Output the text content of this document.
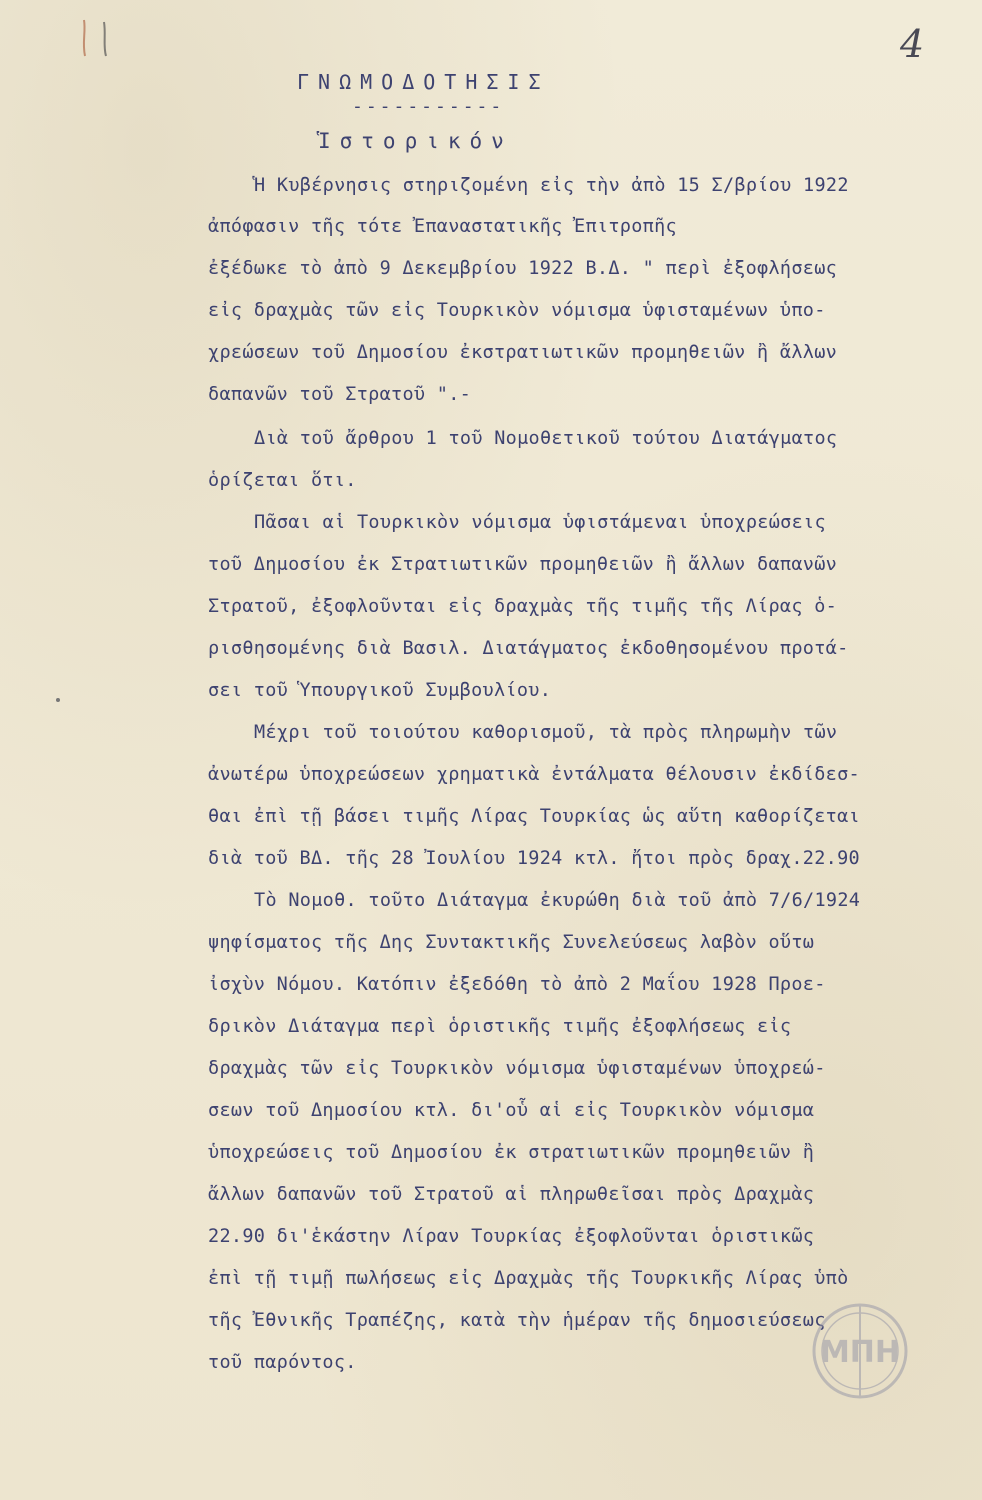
4
ΓΝΩΜΟΔΟΤΗΣΙΣ
-----------
Ἱστορικόν
Ἡ Κυβέρνησις στηριζομένη εἰς τὴν ἀπὸ 15 Σ/βρίου 1922
ἀπόφασιν τῆς τότε Ἐπαναστατικῆς Ἐπιτροπῆς
ἐξέδωκε τὸ ἀπὸ 9 Δεκεμβρίου 1922 Β.Δ. " περὶ ἐξοφλήσεως
εἰς δραχμὰς τῶν εἰς Τουρκικὸν νόμισμα ὑφισταμένων ὑπο-
χρεώσεων τοῦ Δημοσίου ἐκστρατιωτικῶν προμηθειῶν ἢ ἄλλων
δαπανῶν τοῦ Στρατοῦ ".-
Διὰ τοῦ ἄρθρου 1 τοῦ Νομοθετικοῦ τούτου Διατάγματος
ὁρίζεται ὅτι.
Πᾶσαι αἱ Τουρκικὸν νόμισμα ὑφιστάμεναι ὑποχρεώσεις
τοῦ Δημοσίου ἐκ Στρατιωτικῶν προμηθειῶν ἢ ἄλλων δαπανῶν
Στρατοῦ, ἐξοφλοῦνται εἰς δραχμὰς τῆς τιμῆς τῆς Λίρας ὁ-
ρισθησομένης διὰ Βασιλ. Διατάγματος ἐκδοθησομένου προτά-
σει τοῦ Ὑπουργικοῦ Συμβουλίου.
Μέχρι τοῦ τοιούτου καθορισμοῦ, τὰ πρὸς πληρωμὴν τῶν
ἀνωτέρω ὑποχρεώσεων χρηματικὰ ἐντάλματα θέλουσιν ἐκδίδεσ-
θαι ἐπὶ τῇ βάσει τιμῆς Λίρας Τουρκίας ὡς αὕτη καθορίζεται
διὰ τοῦ ΒΔ. τῆς 28 Ἰουλίου 1924 κτλ. ἤτοι πρὸς δραχ.22.90
Τὸ Νομοθ. τοῦτο Διάταγμα ἐκυρώθη διὰ τοῦ ἀπὸ 7/6/1924
ψηφίσματος τῆς Δης Συντακτικῆς Συνελεύσεως λαβὸν οὕτω
ἰσχὺν Νόμου. Κατόπιν ἐξεδόθη τὸ ἀπὸ 2 Μαΐου 1928 Προε-
δρικὸν Διάταγμα περὶ ὁριστικῆς τιμῆς ἐξοφλήσεως εἰς
δραχμὰς τῶν εἰς Τουρκικὸν νόμισμα ὑφισταμένων ὑποχρεώ-
σεων τοῦ Δημοσίου κτλ. δι'οὗ αἱ εἰς Τουρκικὸν νόμισμα
ὑποχρεώσεις τοῦ Δημοσίου ἐκ στρατιωτικῶν προμηθειῶν ἢ
ἄλλων δαπανῶν τοῦ Στρατοῦ αἱ πληρωθεῖσαι πρὸς Δραχμὰς
22.90 δι'ἑκάστην Λίραν Τουρκίας ἐξοφλοῦνται ὁριστικῶς
ἐπὶ τῇ τιμῇ πωλήσεως εἰς Δραχμὰς τῆς Τουρκικῆς Λίρας ὑπὸ
τῆς Ἐθνικῆς Τραπέζης, κατὰ τὴν ἡμέραν τῆς δημοσιεύσεως
τοῦ παρόντος.	ΜΠΗ
